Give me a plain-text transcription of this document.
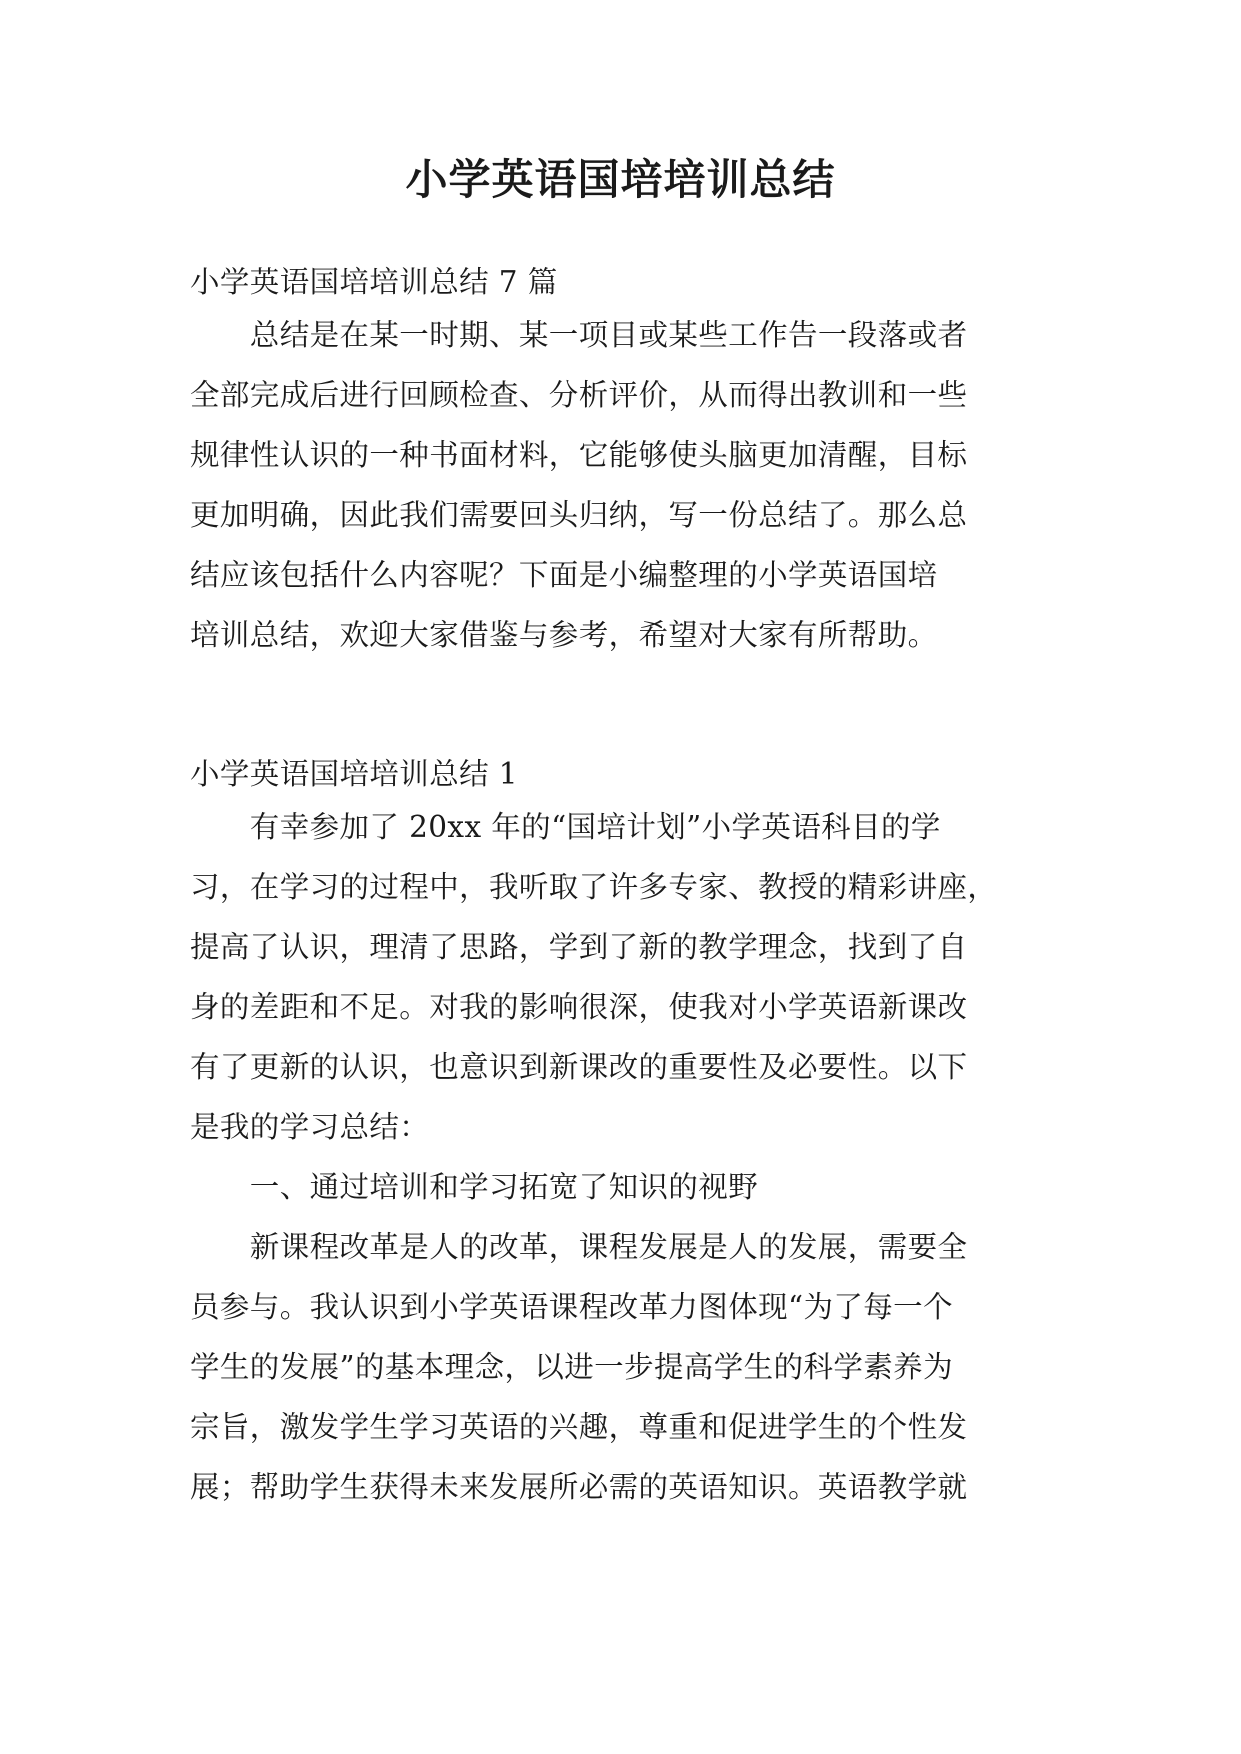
小学英语国培培训总结

小学英语国培培训总结 7 篇

　　总结是在某一时期、某一项目或某些工作告一段落或者
全部完成后进行回顾检查、分析评价，从而得出教训和一些
规律性认识的一种书面材料，它能够使头脑更加清醒，目标
更加明确，因此我们需要回头归纳，写一份总结了。那么总
结应该包括什么内容呢？下面是小编整理的小学英语国培
培训总结，欢迎大家借鉴与参考，希望对大家有所帮助。

小学英语国培培训总结 1

　　有幸参加了 20xx 年的“国培计划”小学英语科目的学
习，在学习的过程中，我听取了许多专家、教授的精彩讲座，
提高了认识，理清了思路，学到了新的教学理念，找到了自
身的差距和不足。对我的影响很深，使我对小学英语新课改
有了更新的认识，也意识到新课改的重要性及必要性。以下
是我的学习总结：
　　一、通过培训和学习拓宽了知识的视野
　　新课程改革是人的改革，课程发展是人的发展，需要全
员参与。我认识到小学英语课程改革力图体现“为了每一个
学生的发展”的基本理念，以进一步提高学生的科学素养为
宗旨，激发学生学习英语的兴趣，尊重和促进学生的个性发
展；帮助学生获得未来发展所必需的英语知识。英语教学就
